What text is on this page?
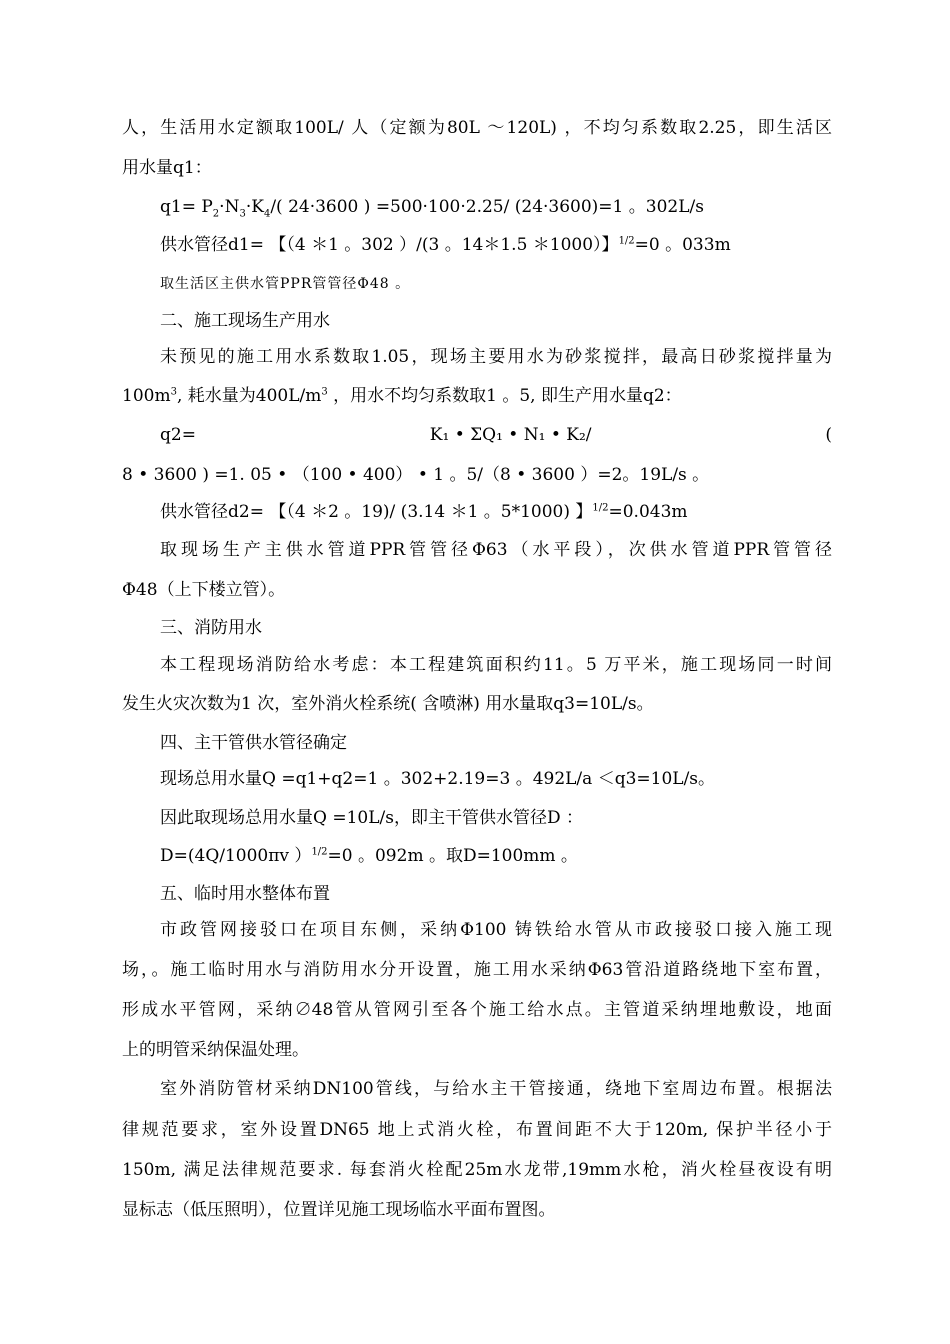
人，生活用水定额取100L/ 人（定额为80L ～120L) ，不均匀系数取2.25，即生活区
用水量q1：
$q1= P_2\cdot N_3\cdot K_4/$( 24·3600 ) =500·100·2.25/ (24·3600)=1 。302L/s
供水管径d1= 【（4 ＊1 。302 ）/(3 。14＊1.5 ＊1000）】$^{1/2}$=0 。033m
取生活区主供水管PPR管管径Φ48 。
二、施工现场生产用水
未预见的施工用水系数取1.05，现场主要用水为砂浆搅拌，最高日砂浆搅拌量为
$100m^3$, 耗水量为$400L/m^3$ ，用水不均匀系数取1 。5, 即生产用水量q2：
q2=	K₁ • ΣQ₁ • N₁ • K₂/	(
8 • 3600 ) =1. 05 • （100 • 400） • 1 。5/（8 • 3600 ）=2。19L/s 。
供水管径d2= 【（4 ＊2 。19)/ (3.14 ＊1 。5*1000) 】$^{1/2}$=0.043m
取现场生产主供水管道PPR管管径Φ63（水平段），次供水管道PPR管管径
Φ48（上下楼立管）。
三、消防用水
本工程现场消防给水考虑：本工程建筑面积约11。5 万平米，施工现场同一时间
发生火灾次数为1 次，室外消火栓系统( 含喷淋) 用水量取q3=10L/s。
四、主干管供水管径确定
现场总用水量Q =q1+q2=1 。302+2.19=3 。492L/a ＜q3=10L/s。
因此取现场总用水量Q =10L/s，即主干管供水管径D ：
D=(4Q/1000πv ）$^{1/2}$=0 。092m 。取D=100mm 。
五、临时用水整体布置
市政管网接驳口在项目东侧，采纳Φ100 铸铁给水管从市政接驳口接入施工现
场，。施工临时用水与消防用水分开设置，施工用水采纳Φ63管沿道路绕地下室布置，
形成水平管网，采纳∅48管从管网引至各个施工给水点。主管道采纳埋地敷设，地面
上的明管采纳保温处理。
室外消防管材采纳DN100管线，与给水主干管接通，绕地下室周边布置。根据法
律规范要求，室外设置DN65 地上式消火栓，布置间距不大于120m, 保护半径小于
150m, 满足法律规范要求. 每套消火栓配25m水龙带,19mm水枪，消火栓昼夜设有明
显标志（低压照明），位置详见施工现场临水平面布置图。
